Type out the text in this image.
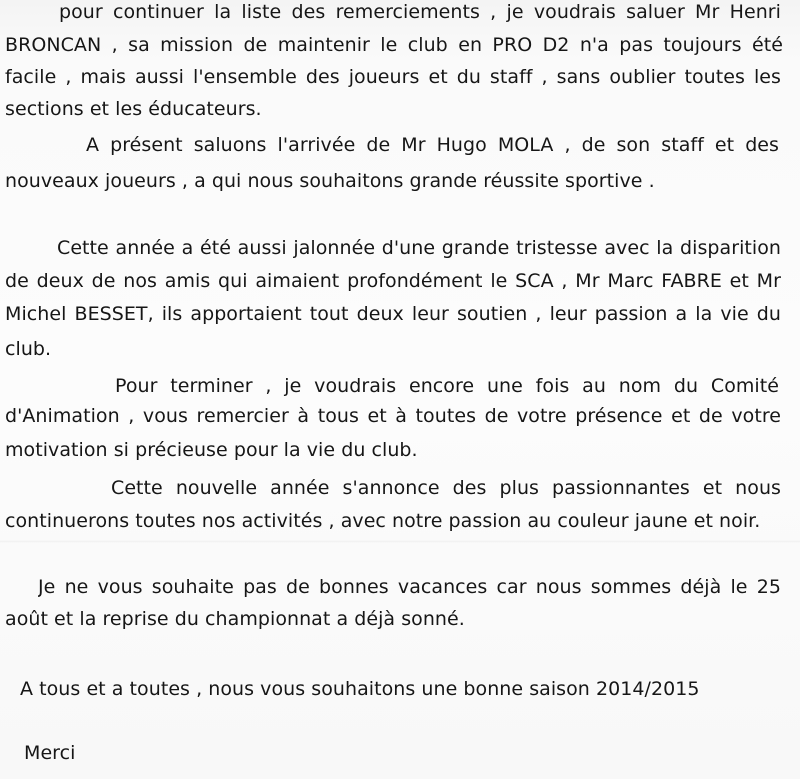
pour continuer la liste des remerciements , je voudrais saluer Mr Henri

BRONCAN , sa mission de maintenir le club en PRO D2 n'a pas toujours été

facile , mais aussi l'ensemble des joueurs et du staff , sans oublier toutes les

sections et les éducateurs.

A présent saluons l'arrivée de Mr Hugo MOLA , de son staff et des

nouveaux joueurs , a qui nous souhaitons grande réussite sportive .

Cette année a été aussi jalonnée d'une grande tristesse avec la disparition

de deux de nos amis qui aimaient profondément le SCA , Mr Marc FABRE et Mr

Michel BESSET, ils apportaient tout deux leur soutien , leur passion a la vie du

club.

Pour terminer , je voudrais encore une fois au nom du Comité

d'Animation , vous remercier à tous et à toutes de votre présence et de votre

motivation si précieuse pour la vie du club.

Cette nouvelle année s'annonce des plus passionnantes et nous

continuerons toutes nos activités , avec notre passion au couleur jaune et noir.

Je ne vous souhaite pas de bonnes vacances car nous sommes déjà le 25

août et la reprise du championnat a déjà sonné.

A tous et a toutes , nous vous souhaitons une bonne saison 2014/2015

Merci
